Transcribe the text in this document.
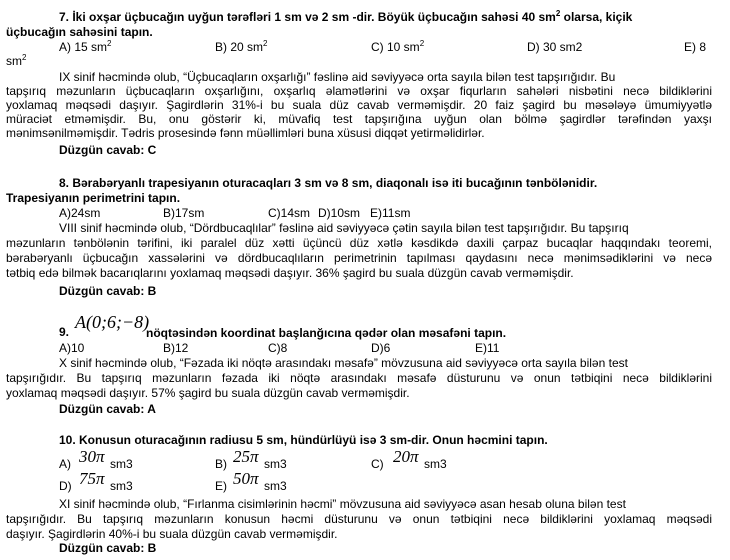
7. İki oxşar üçbucağın uyğun tərəfləri 1 sm və 2 sm -dir. Böyük üçbucağın sahəsi 40 $sm^2$ olarsa, kiçik
üçbucağın sahəsini tapın.
A) 15 $sm^2$	B) 20 $sm^2$	C) 10 $sm^2$	D) 30 sm2	E) 8
$sm^2$
IX sinif həcmində olub, “Üçbucaqların oxşarlığı” fəslinə aid səviyyəcə orta sayıla bilən test tapşırığıdır. Bu
tapşırıq məzunların üçbucaqların oxşarlığını, oxşarlıq əlamətlərini və oxşar fiqurların sahələri nisbətini necə bildiklərini
yoxlamaq məqsədi daşıyır. Şagirdlərin 31%-i bu suala düz cavab verməmişdir. 20 faiz şagird bu məsələyə ümumiyyətlə
müraciət etməmişdir. Bu, onu göstərir ki, müvafiq test tapşırığına uyğun olan bölmə şagirdlər tərəfindən yaxşı
mənimsənilməmişdir. Tədris prosesində fənn müəllimləri buna xüsusi diqqət yetirməlidirlər.
Düzgün cavab: C
8. Bərabəryanlı trapesiyanın oturacaqları 3 sm və 8 sm, diaqonalı isə iti bucağının tənbölənidir.
Trapesiyanın perimetrini tapın.
A)24sm	B)17sm	C)14sm D)10sm E)11sm
VIII sinif həcmində olub, “Dördbucaqlılar” fəslinə aid səviyyəcə çətin sayıla bilən test tapşırığıdır. Bu tapşırıq
məzunların tənbölənin tərifini, iki paralel düz xətti üçüncü düz xətlə kəsdikdə daxili çarpaz bucaqlar haqqındakı teoremi,
bərabəryanlı üçbucağın xassələrini və dördbucaqlıların perimetrinin tapılması qaydasını necə mənimsədiklərini və necə
tətbiq edə bilmək bacarıqlarını yoxlamaq məqsədi daşıyır. 36% şagird bu suala düzgün cavab verməmişdir.
Düzgün cavab: B
9. A(0;6;−8)
nöqtəsindən koordinat başlanğıcına qədər olan məsafəni tapın.
A)10	B)12	C)8	D)6	E)11
X sinif həcmində olub, “Fəzada iki nöqtə arasındakı məsafə” mövzusuna aid səviyyəcə orta sayıla bilən test
tapşırığıdır. Bu tapşırıq məzunların fəzada iki nöqtə arasındakı məsafə düsturunu və onun tətbiqini necə bildiklərini
yoxlamaq məqsədi daşıyır. 57% şagird bu suala düzgün cavab verməmişdir.
Düzgün cavab: A
10. Konusun oturacağının radiusu 5 sm, hündürlüyü isə 3 sm-dir. Onun həcmini tapın.
A) 30π sm3	B) 25π sm3	C) 20π sm3
D) 75π sm3	E) 50π sm3
XI sinif həcmində olub, “Fırlanma cisimlərinin həcmi” mövzusuna aid səviyyəcə asan hesab oluna bilən test
tapşırığıdır. Bu tapşırıq məzunların konusun həcmi düsturunu və onun tətbiqini necə bildiklərini yoxlamaq məqsədi
daşıyır. Şagirdlərin 40%-i bu suala düzgün cavab verməmişdir.
Düzgün cavab: B
